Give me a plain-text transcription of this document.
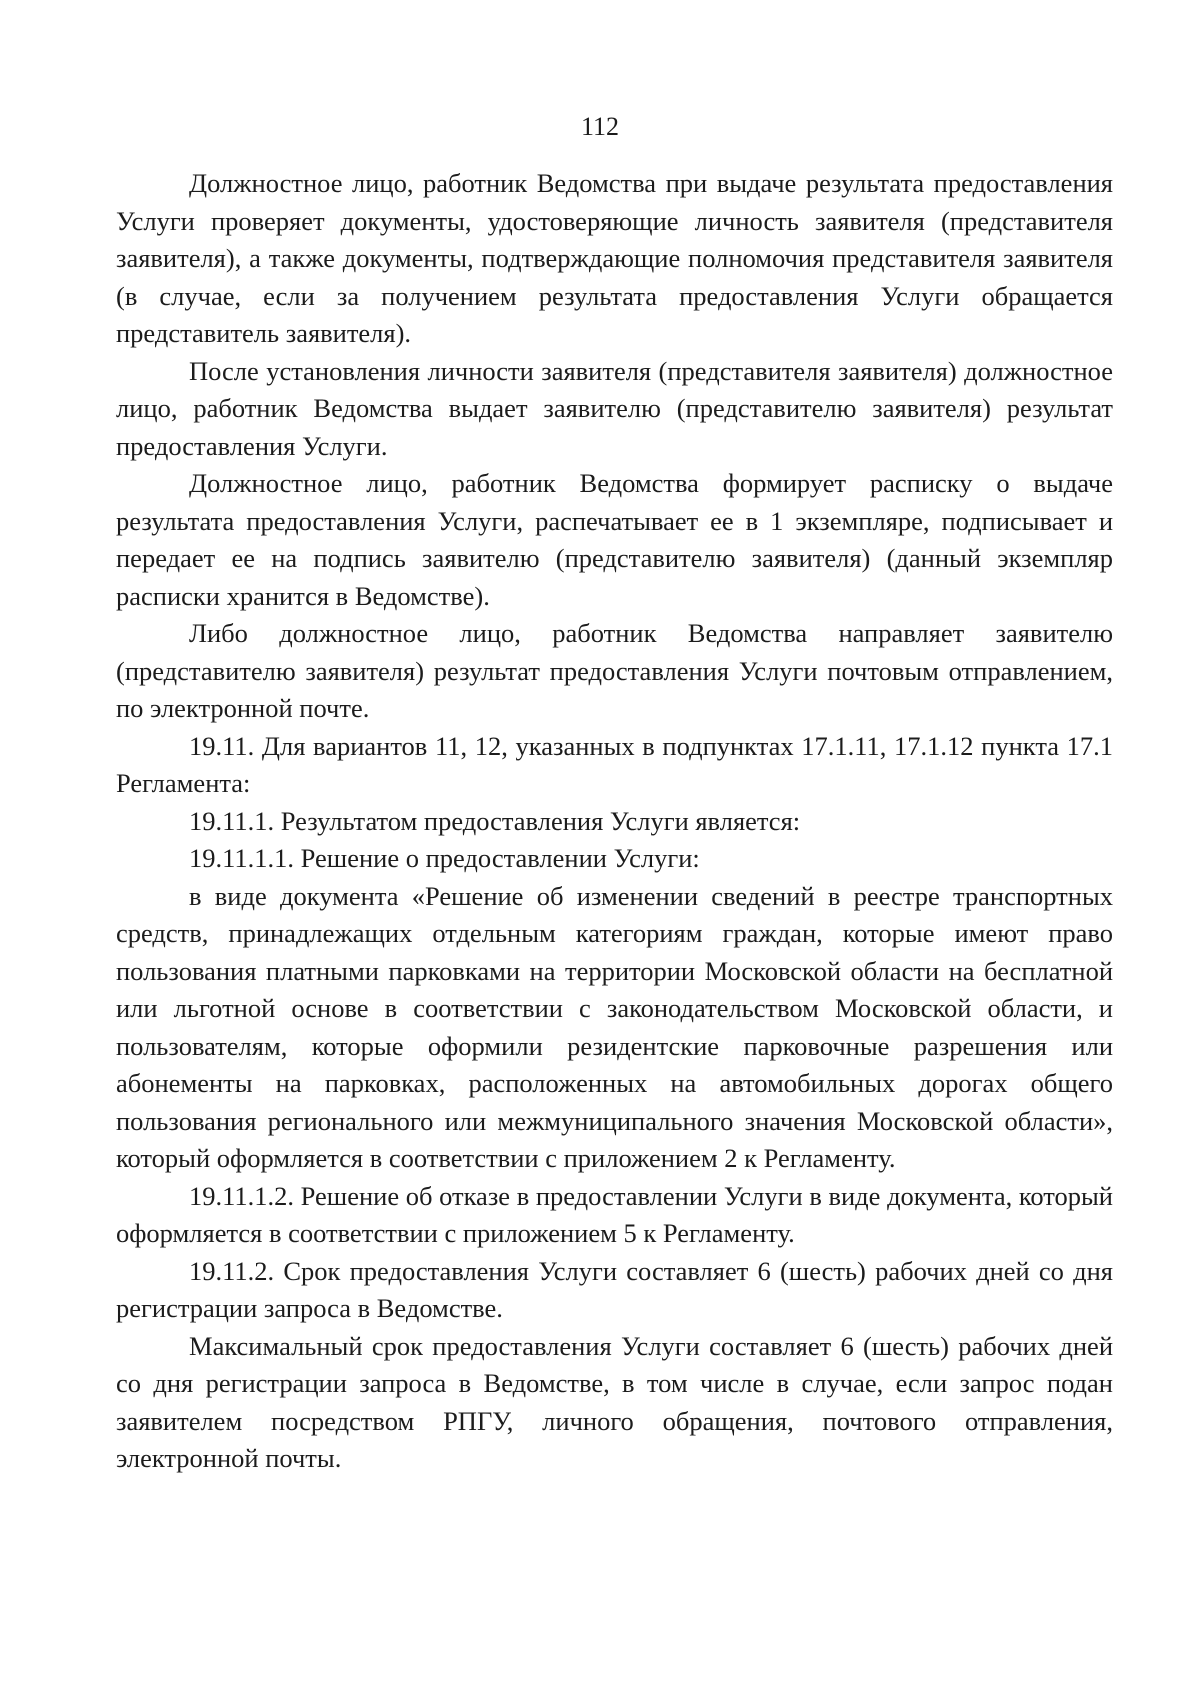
112

Должностное лицо, работник Ведомства при выдаче результата предоставления Услуги проверяет документы, удостоверяющие личность заявителя (представителя заявителя), а также документы, подтверждающие полномочия представителя заявителя (в случае, если за получением результата предоставления Услуги обращается представитель заявителя).

После установления личности заявителя (представителя заявителя) должностное лицо, работник Ведомства выдает заявителю (представителю заявителя) результат предоставления Услуги.

Должностное лицо, работник Ведомства формирует расписку о выдаче результата предоставления Услуги, распечатывает ее в 1 экземпляре, подписывает и передает ее на подпись заявителю (представителю заявителя) (данный экземпляр расписки хранится в Ведомстве).

Либо должностное лицо, работник Ведомства направляет заявителю (представителю заявителя) результат предоставления Услуги почтовым отправлением, по электронной почте.

19.11. Для вариантов 11, 12, указанных в подпунктах 17.1.11, 17.1.12 пункта 17.1 Регламента:

19.11.1. Результатом предоставления Услуги является:

19.11.1.1. Решение о предоставлении Услуги:

в виде документа «Решение об изменении сведений в реестре транспортных средств, принадлежащих отдельным категориям граждан, которые имеют право пользования платными парковками на территории Московской области на бесплатной или льготной основе в соответствии с законодательством Московской области, и пользователям, которые оформили резидентские парковочные разрешения или абонементы на парковках, расположенных на автомобильных дорогах общего пользования регионального или межмуниципального значения Московской области», который оформляется в соответствии с приложением 2 к Регламенту.

19.11.1.2. Решение об отказе в предоставлении Услуги в виде документа, который оформляется в соответствии с приложением 5 к Регламенту.

19.11.2. Срок предоставления Услуги составляет 6 (шесть) рабочих дней со дня регистрации запроса в Ведомстве.

Максимальный срок предоставления Услуги составляет 6 (шесть) рабочих дней со дня регистрации запроса в Ведомстве, в том числе в случае, если запрос подан заявителем посредством РПГУ, личного обращения, почтового отправления, электронной почты.
